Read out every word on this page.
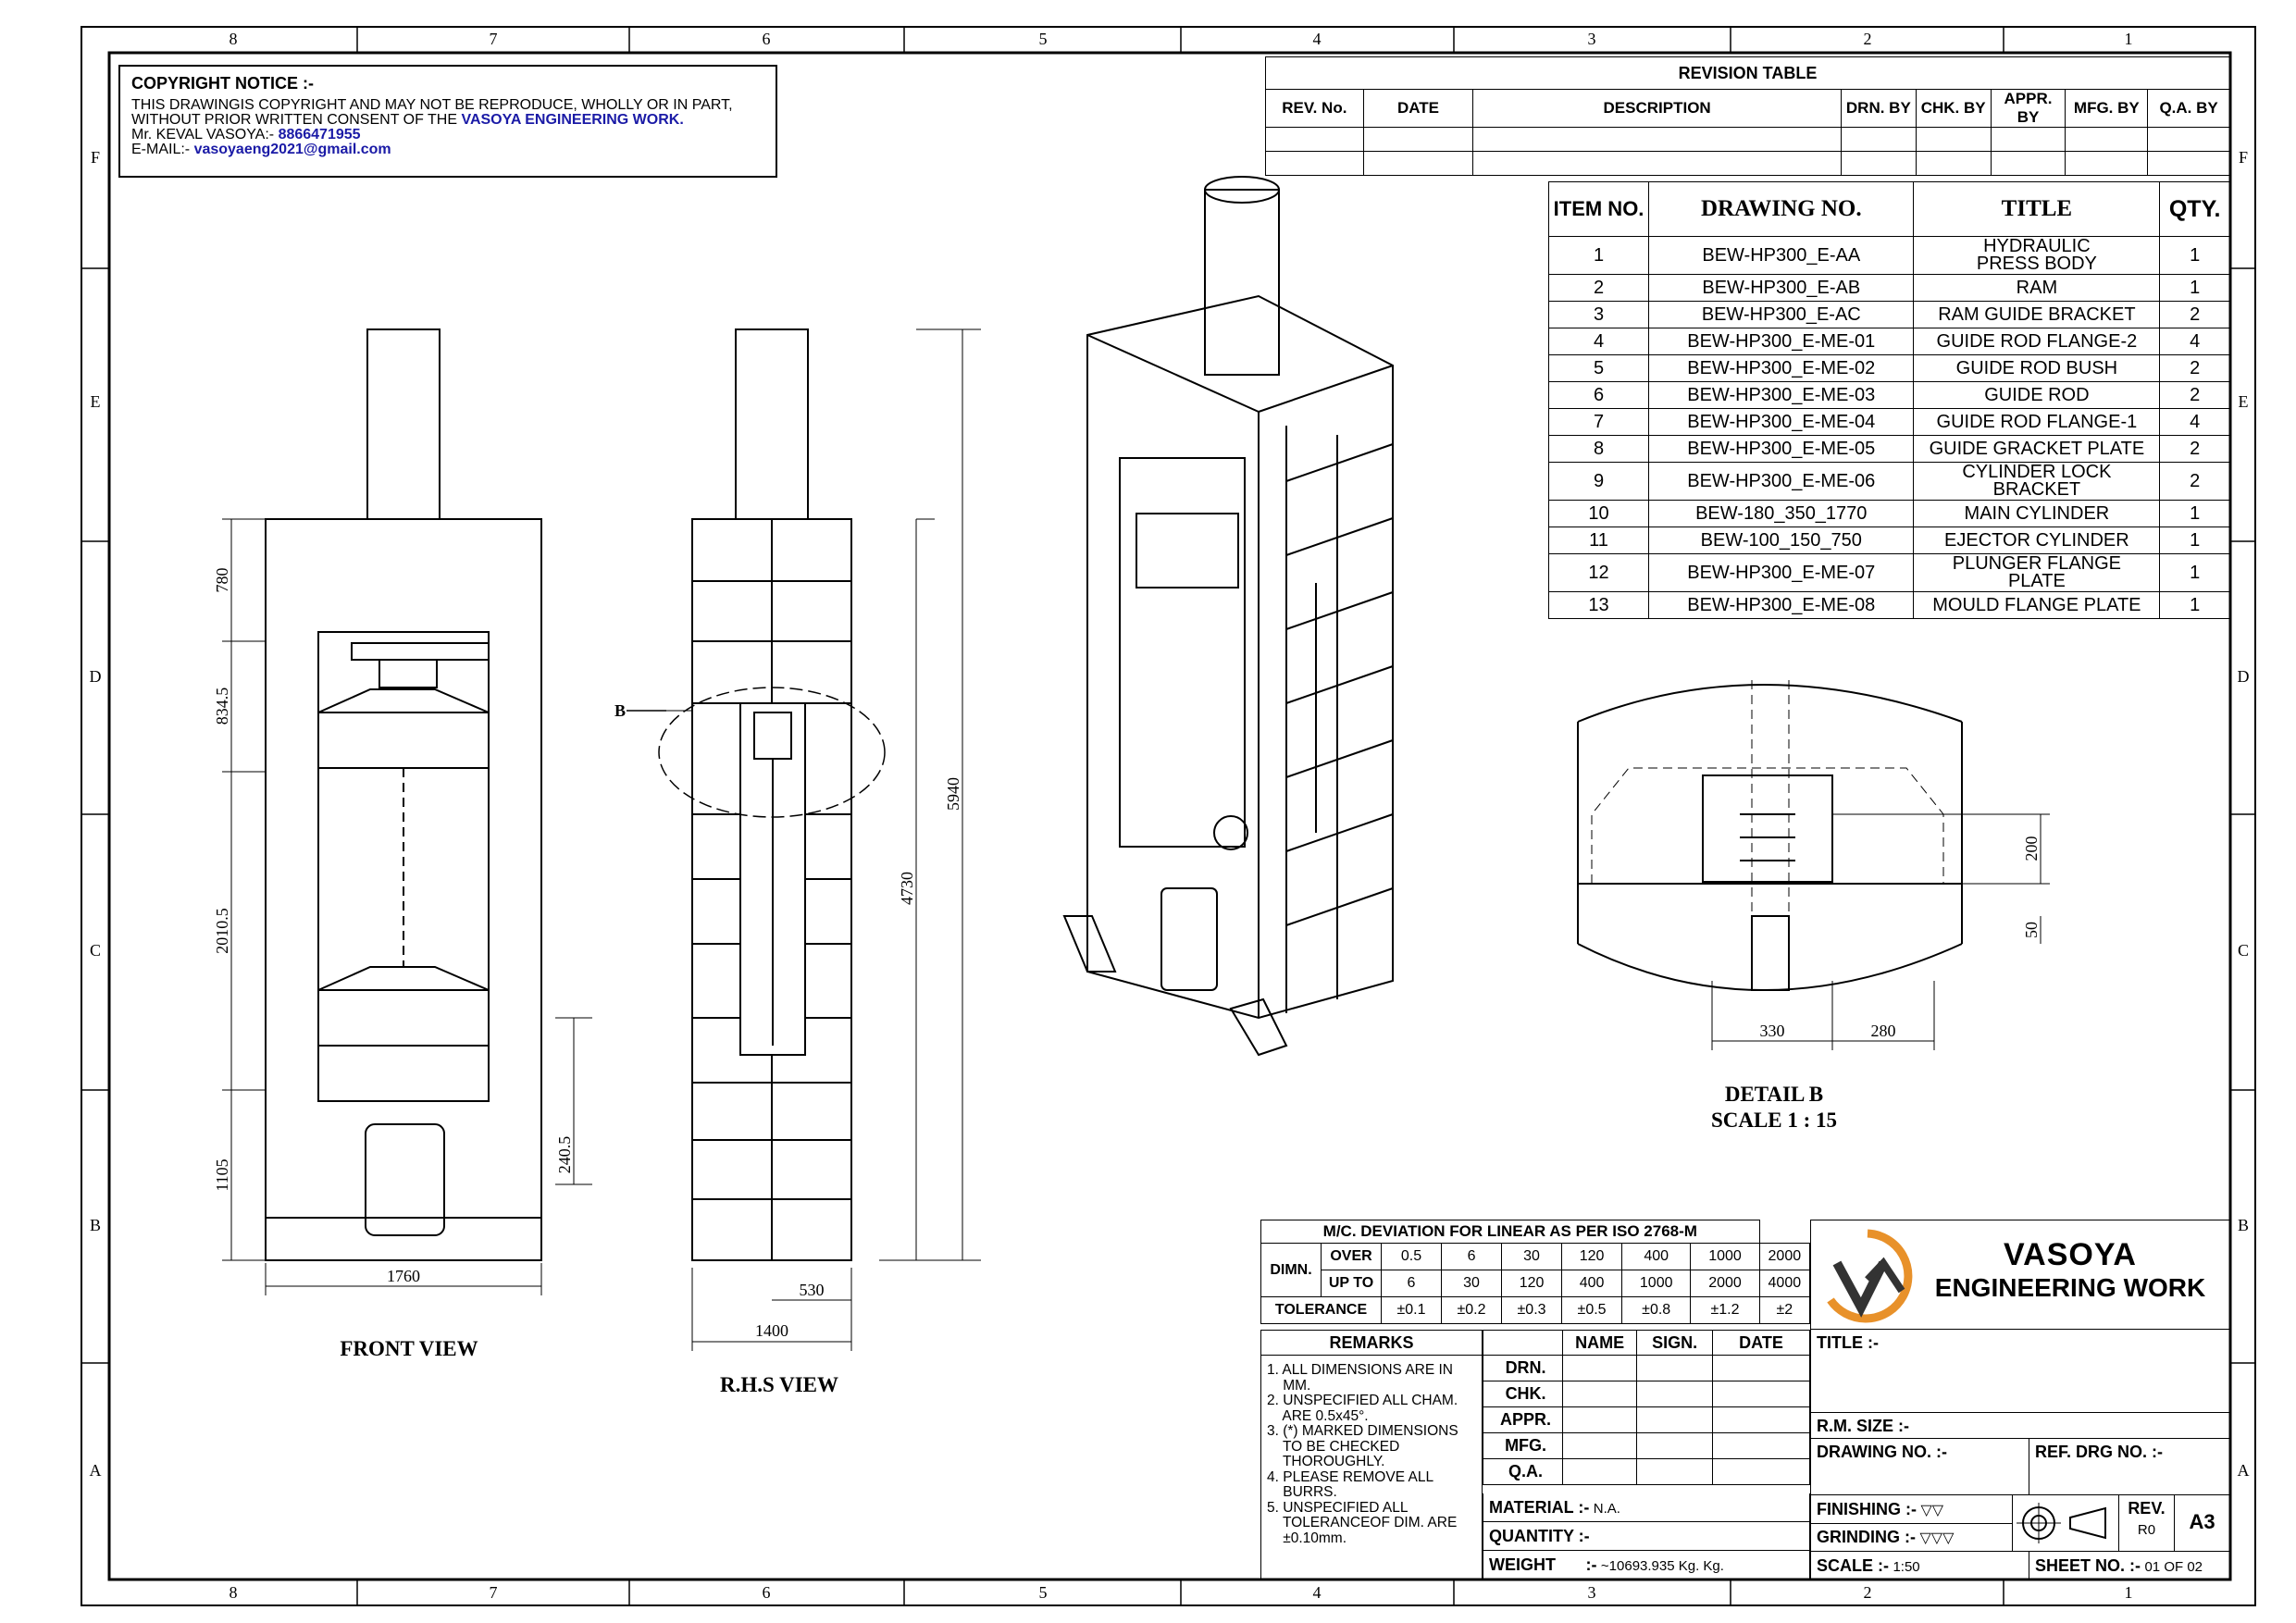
8	7	6	5	4	3	2	1
8	7	6	5	4	3	2	1
F
E
D
C
B
A
F
E
D
C
B
A
780
834.5
2010.5
1105
240.5
1760
5940
4730
530
1400
B
200
50
330	280
FRONT VIEW
R.H.S VIEW
DETAIL B
SCALE 1 : 15
COPYRIGHT NOTICE :-
THIS DRAWINGIS COPYRIGHT AND MAY NOT BE REPRODUCE, WHOLLY OR IN PART,
WITHOUT PRIOR WRITTEN CONSENT OF THE VASOYA ENGINEERING WORK.
Mr. KEVAL VASOYA:- 8866471955
E-MAIL:- vasoyaeng2021@gmail.com
REVISION TABLE							
REV. No.	DATE	DESCRIPTION	DRN. BY	CHK. BY	APPR. BY	MFG. BY	Q.A. BY

ITEM NO.	DRAWING NO.	TITLE	QTY.
1	BEW-HP300_E-AA	HYDRAULIC PRESS BODY	1
2	BEW-HP300_E-AB	RAM	1
3	BEW-HP300_E-AC	RAM GUIDE BRACKET	2
4	BEW-HP300_E-ME-01	GUIDE ROD FLANGE-2	4
5	BEW-HP300_E-ME-02	GUIDE ROD BUSH	2
6	BEW-HP300_E-ME-03	GUIDE ROD	2
7	BEW-HP300_E-ME-04	GUIDE ROD FLANGE-1	4
8	BEW-HP300_E-ME-05	GUIDE GRACKET PLATE	2
9	BEW-HP300_E-ME-06	CYLINDER LOCK BRACKET	2
10	BEW-180_350_1770	MAIN CYLINDER	1
11	BEW-100_150_750	EJECTOR CYLINDER	1
12	BEW-HP300_E-ME-07	PLUNGER FLANGE PLATE	1
13	BEW-HP300_E-ME-08	MOULD FLANGE PLATE	1
M/C. DEVIATION FOR LINEAR AS PER ISO 2768-M								
DIMN.	OVER	0.5	6	30	120	400	1000	2000
	UP TO	6	30	120	400	1000	2000	4000
TOLERANCE		±0.1	±0.2	±0.3	±0.5	±0.8	±1.2	±2
REMARKS
1. ALL DIMENSIONS ARE IN
MM.
2. UNSPECIFIED ALL CHAM.
ARE 0.5x45°.
3. (*) MARKED DIMENSIONS
TO BE CHECKED
THOROUGHLY.
4. PLEASE REMOVE ALL
BURRS.
5. UNSPECIFIED ALL
TOLERANCEOF DIM. ARE
±0.10mm.
	NAME	SIGN.	DATE
DRN.			
CHK.			
APPR.			
MFG.			
Q.A.			
MATERIAL :- N.A.
QUANTITY :-
WEIGHT :- ~10693.935 Kg. Kg.
VASOYA
ENGINEERING WORK
TITLE :-
R.M. SIZE :-
DRAWING NO. :-	REF. DRG NO. :-
FINISHING :- ▽▽
GRINDING :- ▽▽▽
REV.
R0	A3
SCALE :- 1:50	SHEET NO. :- 01 OF 02
